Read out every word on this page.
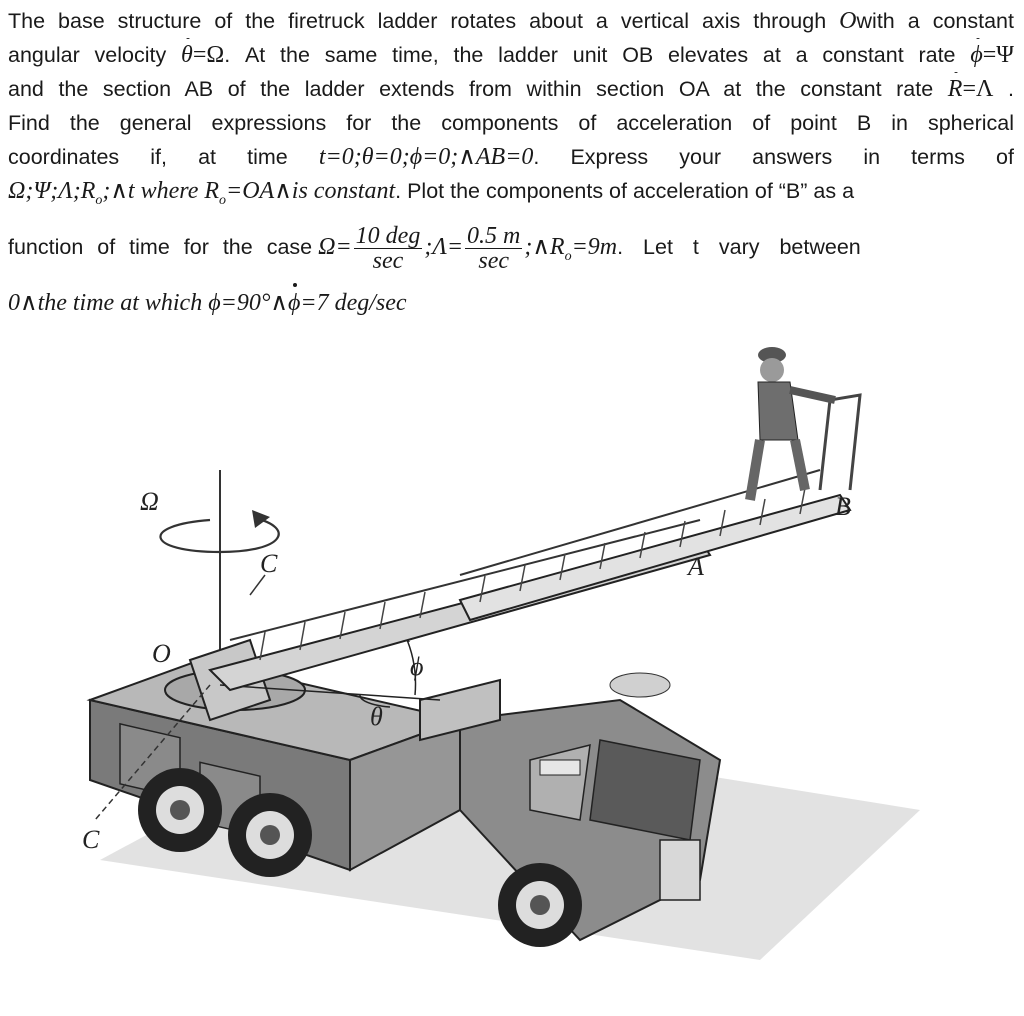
The base structure of the firetruck ladder rotates about a vertical axis through Owith a constant
angular velocity θ=Ω. At the same time, the ladder unit OB elevates at a constant rate ϕ=Ψ
and the section AB of the ladder extends from within section OA at the constant rate R=Λ .
Find the general expressions for the components of acceleration of point B in spherical
coordinates if, at time t=0;θ=0;ϕ=0;∧AB=0. Express your answers in terms of
$\Omega;\Psi;\Lambda;R_o;\wedge t$ where $R_o=OA\wedge is$ constant. Plot the components of acceleration of “B” as a
function of time for the case $\Omega= \frac{\text{10 deg}}{\sec}$ ;Λ= $\frac{0.5 m}{\sec}$ $;\wedge R_o=9m$. Let t vary between
0∧the time at which ϕ=90°∧ϕ=7 deg/sec
Ω
C
O
C
θ
ϕ
A
B
